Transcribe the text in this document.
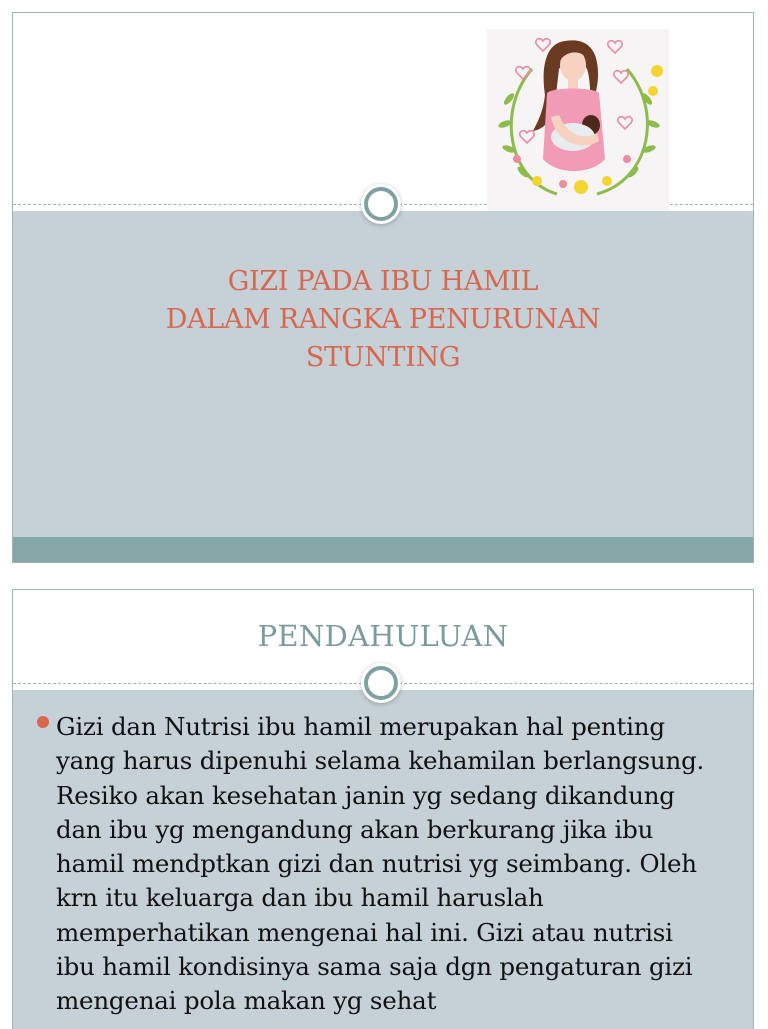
GIZI PADA IBU HAMIL
DALAM RANGKA PENURUNAN
STUNTING
PENDAHULUAN
Gizi dan Nutrisi ibu hamil merupakan hal penting
yang harus dipenuhi selama kehamilan berlangsung.
Resiko akan kesehatan janin yg sedang dikandung
dan ibu yg mengandung akan berkurang jika ibu
hamil mendptkan gizi dan nutrisi yg seimbang. Oleh
krn itu keluarga dan ibu hamil haruslah
memperhatikan mengenai hal ini. Gizi atau nutrisi
ibu hamil kondisinya sama saja dgn pengaturan gizi
mengenai pola makan yg sehat
